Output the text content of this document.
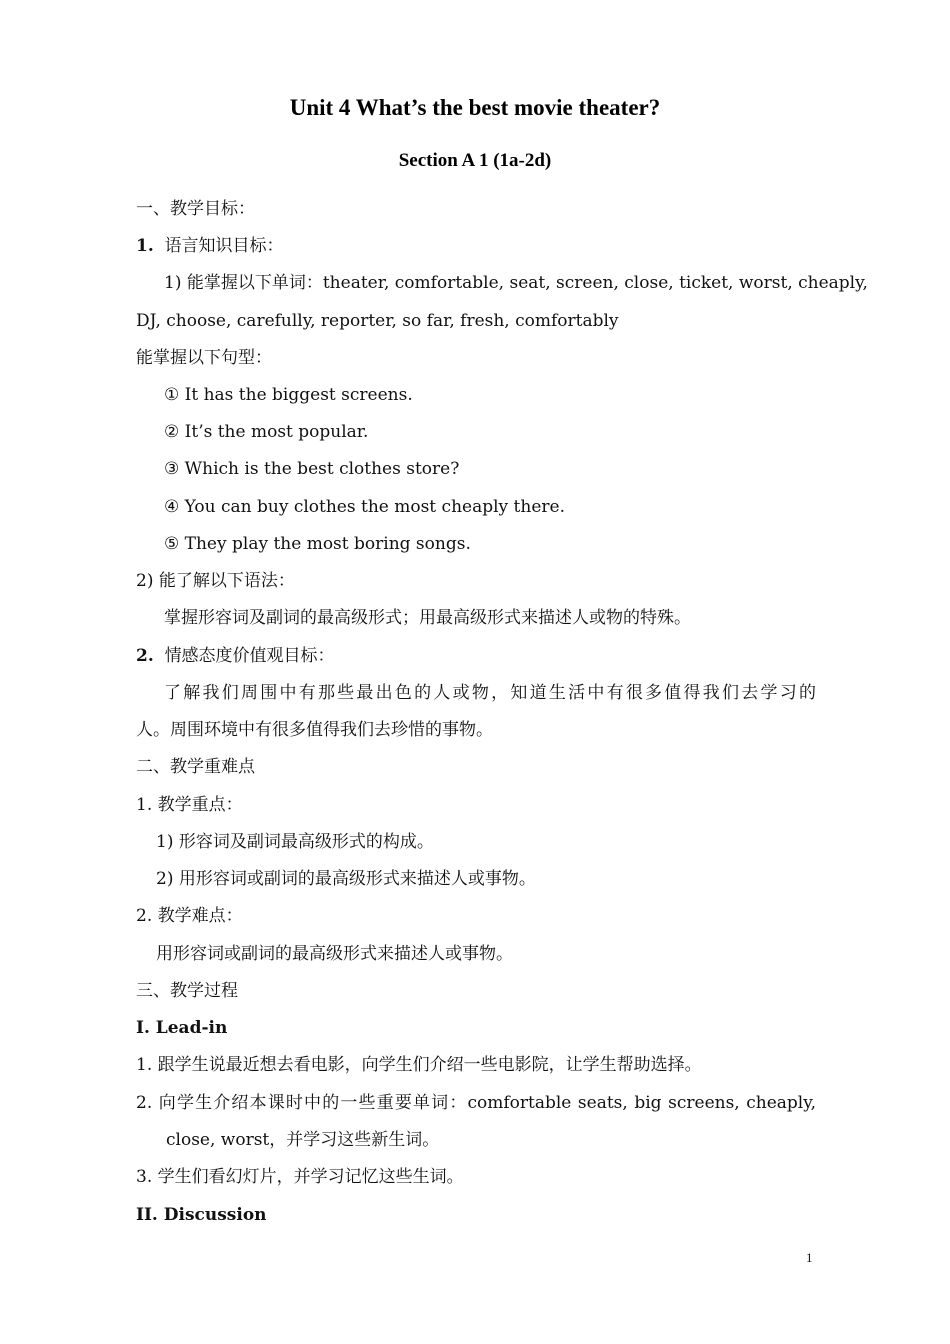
Unit 4 What’s the best movie theater?
Section A 1 (1a-2d)
一、教学目标：
1. 语言知识目标：
1) 能掌握以下单词：theater, comfortable, seat, screen, close, ticket, worst, cheaply,
DJ, choose, carefully, reporter, so far, fresh, comfortably
能掌握以下句型：
① It has the biggest screens.
② It’s the most popular.
③ Which is the best clothes store?
④ You can buy clothes the most cheaply there.
⑤ They play the most boring songs.
2) 能了解以下语法：
掌握形容词及副词的最高级形式；用最高级形式来描述人或物的特殊。
2. 情感态度价值观目标：
了解我们周围中有那些最出色的人或物，知道生活中有很多值得我们去学习的
人。周围环境中有很多值得我们去珍惜的事物。
二、教学重难点
1. 教学重点：
1) 形容词及副词最高级形式的构成。
2) 用形容词或副词的最高级形式来描述人或事物。
2. 教学难点：
用形容词或副词的最高级形式来描述人或事物。
三、教学过程
I. Lead-in
1. 跟学生说最近想去看电影，向学生们介绍一些电影院，让学生帮助选择。
2. 向学生介绍本课时中的一些重要单词：comfortable seats, big screens, cheaply,
close, worst，并学习这些新生词。
3. 学生们看幻灯片，并学习记忆这些生词。
II. Discussion
1
